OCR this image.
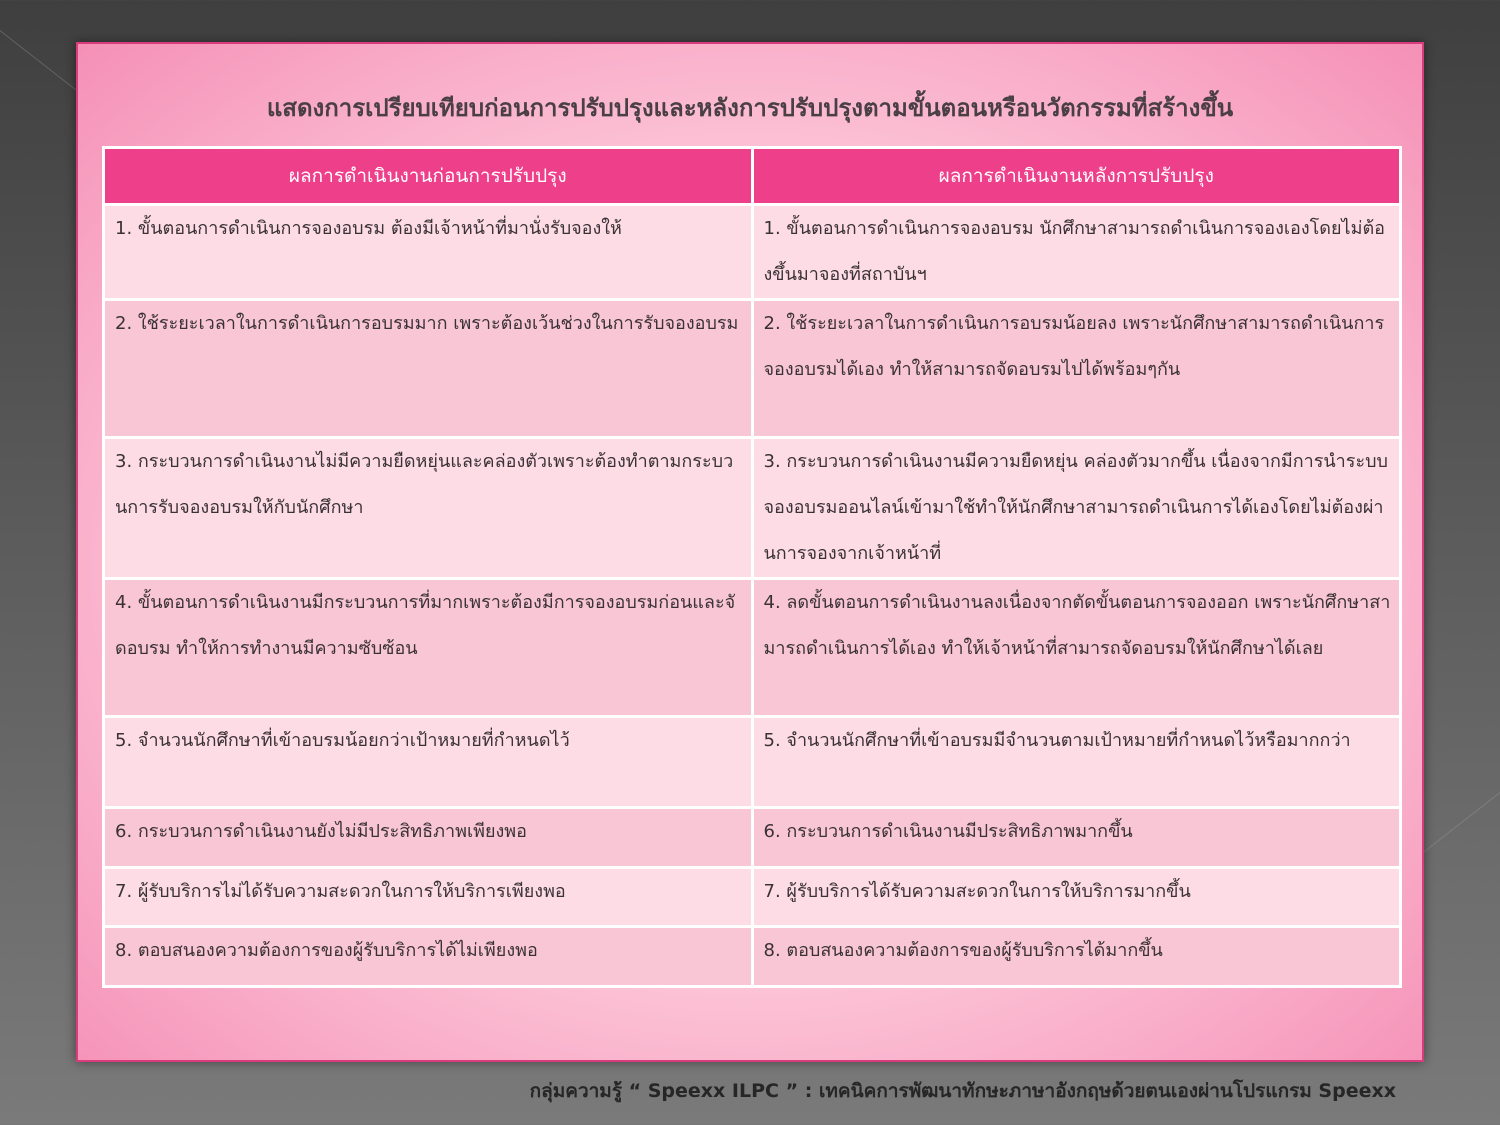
แสดงการเปรียบเทียบก่อนการปรับปรุงและหลังการปรับปรุงตามขั้นตอนหรือนวัตกรรมที่สร้างขึ้น
ผลการดำเนินงานก่อนการปรับปรุง	ผลการดำเนินงานหลังการปรับปรุง
1. ขั้นตอนการดำเนินการจองอบรม ต้องมีเจ้าหน้าที่มานั่งรับจองให้	1. ขั้นตอนการดำเนินการจองอบรม นักศึกษาสามารถดำเนินการจองเองโดยไม่ต้องขึ้นมาจองที่สถาบันฯ
2. ใช้ระยะเวลาในการดำเนินการอบรมมาก เพราะต้องเว้นช่วงในการรับจองอบรม	2. ใช้ระยะเวลาในการดำเนินการอบรมน้อยลง เพราะนักศึกษาสามารถดำเนินการจองอบรมได้เอง ทำให้สามารถจัดอบรมไปได้พร้อมๆกัน
3. กระบวนการดำเนินงานไม่มีความยืดหยุ่นและคล่องตัวเพราะต้องทำตามกระบวนการรับจองอบรมให้กับนักศึกษา	3. กระบวนการดำเนินงานมีความยืดหยุ่น คล่องตัวมากขึ้น เนื่องจากมีการนำระบบจองอบรมออนไลน์เข้ามาใช้ทำให้นักศึกษาสามารถดำเนินการได้เองโดยไม่ต้องผ่านการจองจากเจ้าหน้าที่
4. ขั้นตอนการดำเนินงานมีกระบวนการที่มากเพราะต้องมีการจองอบรมก่อนและจัดอบรม ทำให้การทำงานมีความซับซ้อน	4. ลดขั้นตอนการดำเนินงานลงเนื่องจากตัดขั้นตอนการจองออก เพราะนักศึกษาสามารถดำเนินการได้เอง ทำให้เจ้าหน้าที่สามารถจัดอบรมให้นักศึกษาได้เลย
5. จำนวนนักศึกษาที่เข้าอบรมน้อยกว่าเป้าหมายที่กำหนดไว้	5. จำนวนนักศึกษาที่เข้าอบรมมีจำนวนตามเป้าหมายที่กำหนดไว้หรือมากกว่า
6. กระบวนการดำเนินงานยังไม่มีประสิทธิภาพเพียงพอ	6. กระบวนการดำเนินงานมีประสิทธิภาพมากขึ้น
7. ผู้รับบริการไม่ได้รับความสะดวกในการให้บริการเพียงพอ	7. ผู้รับบริการได้รับความสะดวกในการให้บริการมากขึ้น
8. ตอบสนองความต้องการของผู้รับบริการได้ไม่เพียงพอ	8. ตอบสนองความต้องการของผู้รับบริการได้มากขึ้น
กลุ่มความรู้ “ Speexx ILPC ” : เทคนิคการพัฒนาทักษะภาษาอังกฤษด้วยตนเองผ่านโปรแกรม Speexx
